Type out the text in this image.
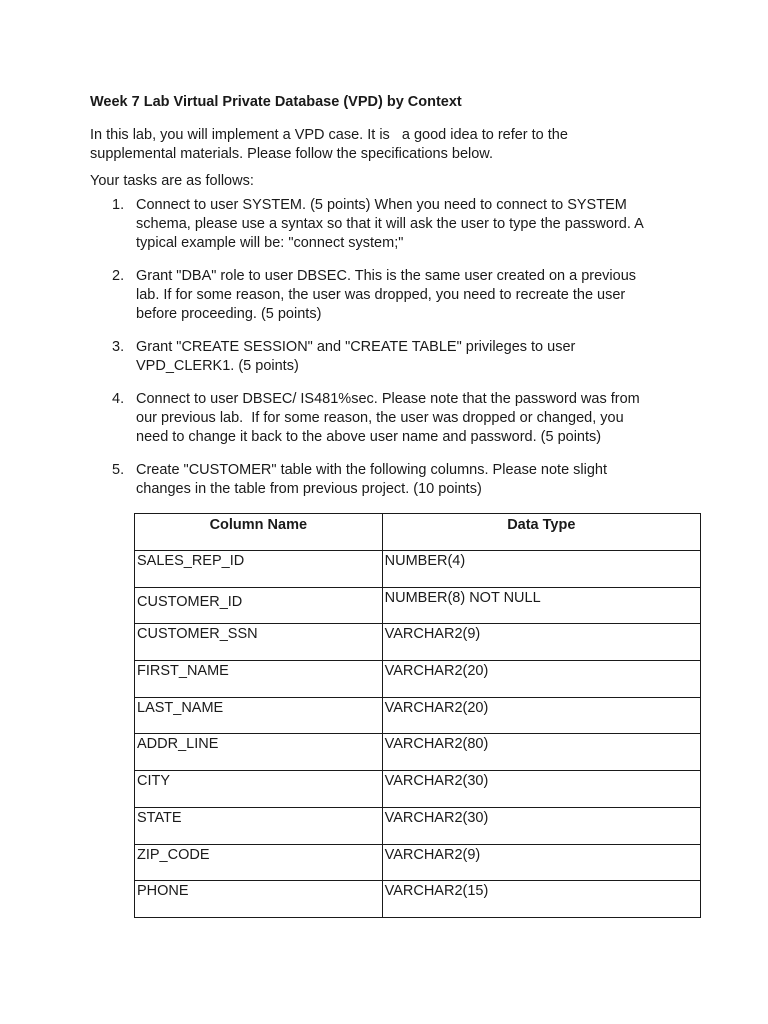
Week 7 Lab Virtual Private Database (VPD) by Context

In this lab, you will implement a VPD case. It is   a good idea to refer to the
supplemental materials. Please follow the specifications below.

Your tasks are as follows:

1. Connect to user SYSTEM. (5 points) When you need to connect to SYSTEM
schema, please use a syntax so that it will ask the user to type the password. A
typical example will be: "connect system;"
2. Grant "DBA" role to user DBSEC. This is the same user created on a previous
lab. If for some reason, the user was dropped, you need to recreate the user
before proceeding. (5 points)
3. Grant "CREATE SESSION" and "CREATE TABLE" privileges to user
VPD_CLERK1. (5 points)
4. Connect to user DBSEC/ IS481%sec. Please note that the password was from
our previous lab.  If for some reason, the user was dropped or changed, you
need to change it back to the above user name and password. (5 points)
5. Create "CUSTOMER" table with the following columns. Please note slight
changes in the table from previous project. (10 points)
Column Name	Data Type
SALES_REP_ID	NUMBER(4)
CUSTOMER_ID	NUMBER(8) NOT NULL
CUSTOMER_SSN	VARCHAR2(9)
FIRST_NAME	VARCHAR2(20)
LAST_NAME	VARCHAR2(20)
ADDR_LINE	VARCHAR2(80)
CITY	VARCHAR2(30)
STATE	VARCHAR2(30)
ZIP_CODE	VARCHAR2(9)
PHONE	VARCHAR2(15)
